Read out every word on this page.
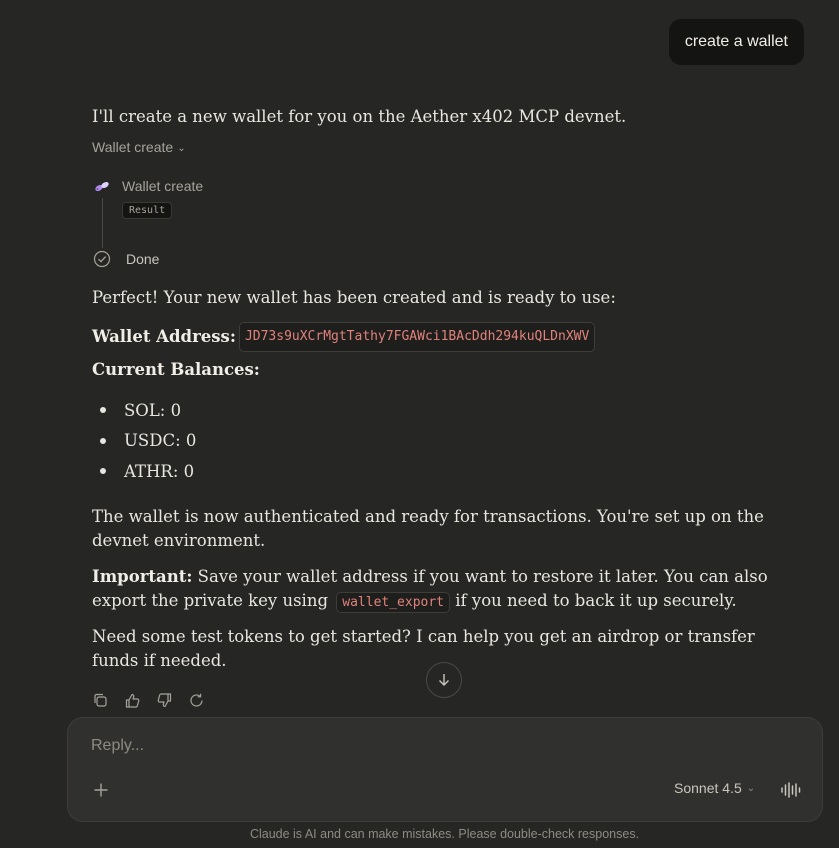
create a wallet
I'll create a new wallet for you on the Aether x402 MCP devnet.
Wallet create ⌄
Wallet create
Result
Done
Perfect! Your new wallet has been created and is ready to use:
Wallet Address: JD73s9uXCrMgtTathy7FGAWci1BAcDdh294kuQLDnXWV
Current Balances:
SOL: 0
USDC: 0
ATHR: 0
The wallet is now authenticated and ready for transactions. You're set up on the devnet environment.
Important: Save your wallet address if you want to restore it later. You can also export the private key using wallet_export if you need to back it up securely.
Need some test tokens to get started? I can help you get an airdrop or transfer funds if needed.
Reply...
Sonnet 4.5 ⌄
Claude is AI and can make mistakes. Please double-check responses.
